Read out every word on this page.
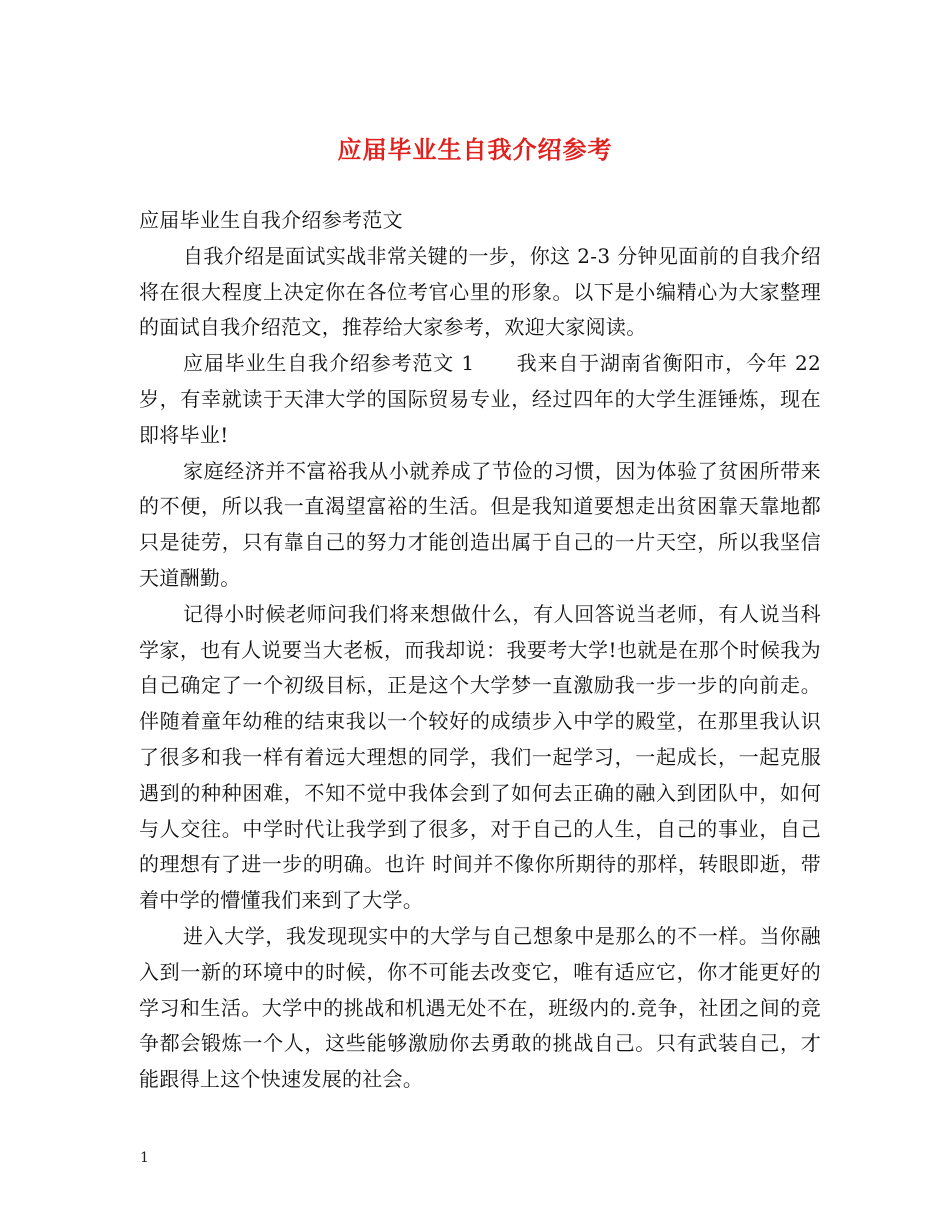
应届毕业生自我介绍参考

应届毕业生自我介绍参考范文

自我介绍是面试实战非常关键的一步，你这 2-3 分钟见面前的自我介绍将在很大程度上决定你在各位考官心里的形象。以下是小编精心为大家整理的面试自我介绍范文，推荐给大家参考，欢迎大家阅读。

应届毕业生自我介绍参考范文 1　　我来自于湖南省衡阳市，今年 22 岁，有幸就读于天津大学的国际贸易专业，经过四年的大学生涯锤炼，现在即将毕业!

家庭经济并不富裕我从小就养成了节俭的习惯，因为体验了贫困所带来的不便，所以我一直渴望富裕的生活。但是我知道要想走出贫困靠天靠地都只是徒劳，只有靠自己的努力才能创造出属于自己的一片天空，所以我坚信天道酬勤。

记得小时候老师问我们将来想做什么，有人回答说当老师，有人说当科学家，也有人说要当大老板，而我却说：我要考大学!也就是在那个时候我为自己确定了一个初级目标，正是这个大学梦一直激励我一步一步的向前走。伴随着童年幼稚的结束我以一个较好的成绩步入中学的殿堂，在那里我认识了很多和我一样有着远大理想的同学，我们一起学习，一起成长，一起克服遇到的种种困难，不知不觉中我体会到了如何去正确的融入到团队中，如何与人交往。中学时代让我学到了很多，对于自己的人生，自己的事业，自己的理想有了进一步的明确。也许 时间并不像你所期待的那样，转眼即逝，带着中学的懵懂我们来到了大学。

进入大学，我发现现实中的大学与自己想象中是那么的不一样。当你融入到一新的环境中的时候，你不可能去改变它，唯有适应它，你才能更好的学习和生活。大学中的挑战和机遇无处不在，班级内的.竞争，社团之间的竞争都会锻炼一个人，这些能够激励你去勇敢的挑战自己。只有武装自己，才能跟得上这个快速发展的社会。

1
